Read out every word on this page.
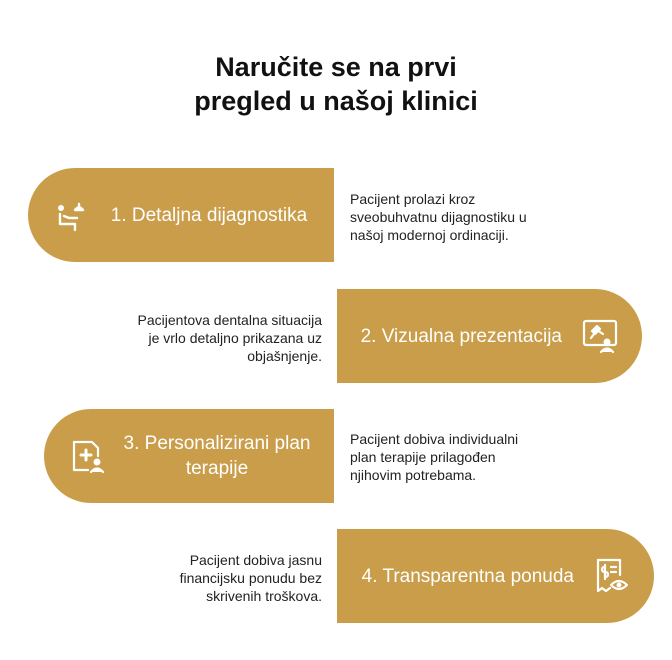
Naručite se na prvi
pregled u našoj klinici
1. Detaljna dijagnostika
Pacijent prolazi kroz
sveobuhvatnu dijagnostiku u
našoj modernoj ordinaciji.
Pacijentova dentalna situacija
je vrlo detaljno prikazana uz
objašnjenje.
2. Vizualna prezentacija
3. Personalizirani plan
terapije
Pacijent dobiva individualni
plan terapije prilagođen
njihovim potrebama.
Pacijent dobiva jasnu
financijsku ponudu bez
skrivenih troškova.
4. Transparentna ponuda
